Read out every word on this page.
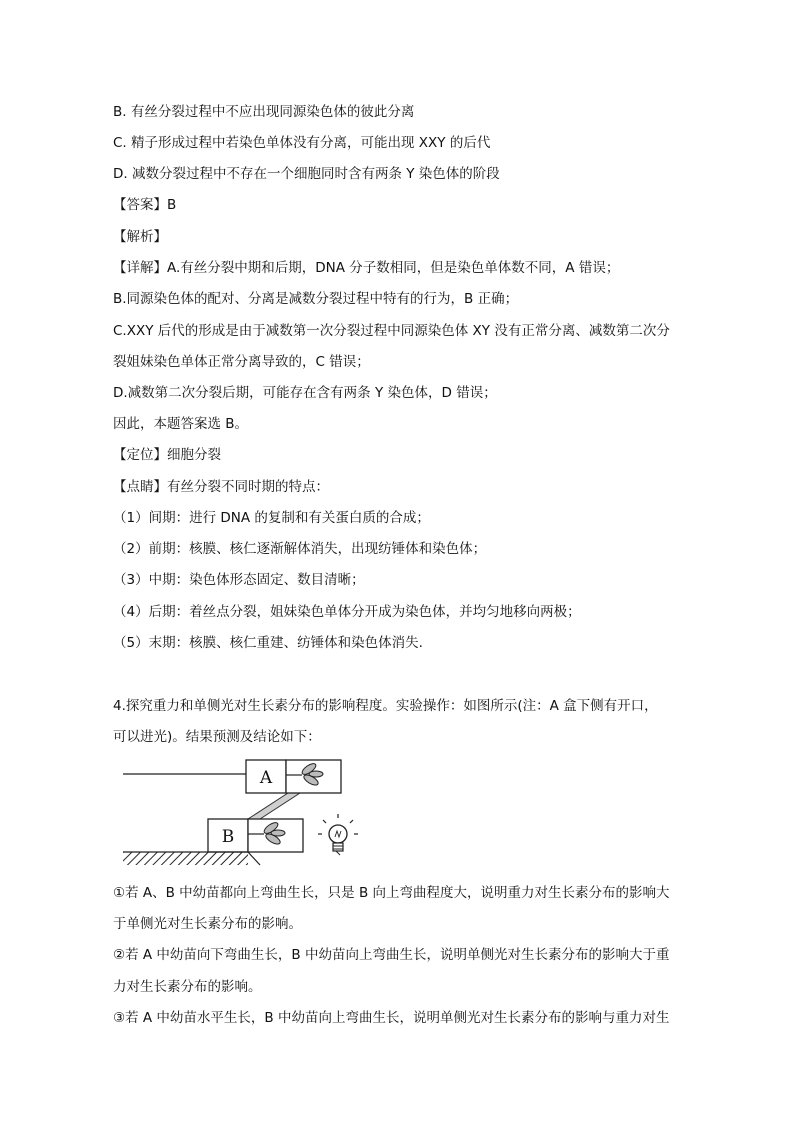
B. 有丝分裂过程中不应出现同源染色体的彼此分离
C. 精子形成过程中若染色单体没有分离，可能出现 XXY 的后代
D. 减数分裂过程中不存在一个细胞同时含有两条 Y 染色体的阶段
【答案】B
【解析】
【详解】A.有丝分裂中期和后期，DNA 分子数相同，但是染色单体数不同，A 错误；
B.同源染色体的配对、分离是减数分裂过程中特有的行为，B 正确；
C.XXY 后代的形成是由于减数第一次分裂过程中同源染色体 XY 没有正常分离、减数第二次分
裂姐妹染色单体正常分离导致的，C 错误；
D.减数第二次分裂后期，可能存在含有两条 Y 染色体，D 错误；
因此，本题答案选 B。
【定位】细胞分裂
【点睛】有丝分裂不同时期的特点：
（1）间期：进行 DNA 的复制和有关蛋白质的合成；
（2）前期：核膜、核仁逐渐解体消失，出现纺锤体和染色体；
（3）中期：染色体形态固定、数目清晰；
（4）后期：着丝点分裂，姐妹染色单体分开成为染色体，并均匀地移向两极；
（5）末期：核膜、核仁重建、纺锤体和染色体消失.
4.探究重力和单侧光对生长素分布的影响程度。实验操作：如图所示(注：A 盒下侧有开口，
可以进光)。结果预测及结论如下：
A
B
①若 A、B 中幼苗都向上弯曲生长，只是 B 向上弯曲程度大，说明重力对生长素分布的影响大
于单侧光对生长素分布的影响。
②若 A 中幼苗向下弯曲生长，B 中幼苗向上弯曲生长，说明单侧光对生长素分布的影响大于重
力对生长素分布的影响。
③若 A 中幼苗水平生长，B 中幼苗向上弯曲生长，说明单侧光对生长素分布的影响与重力对生
